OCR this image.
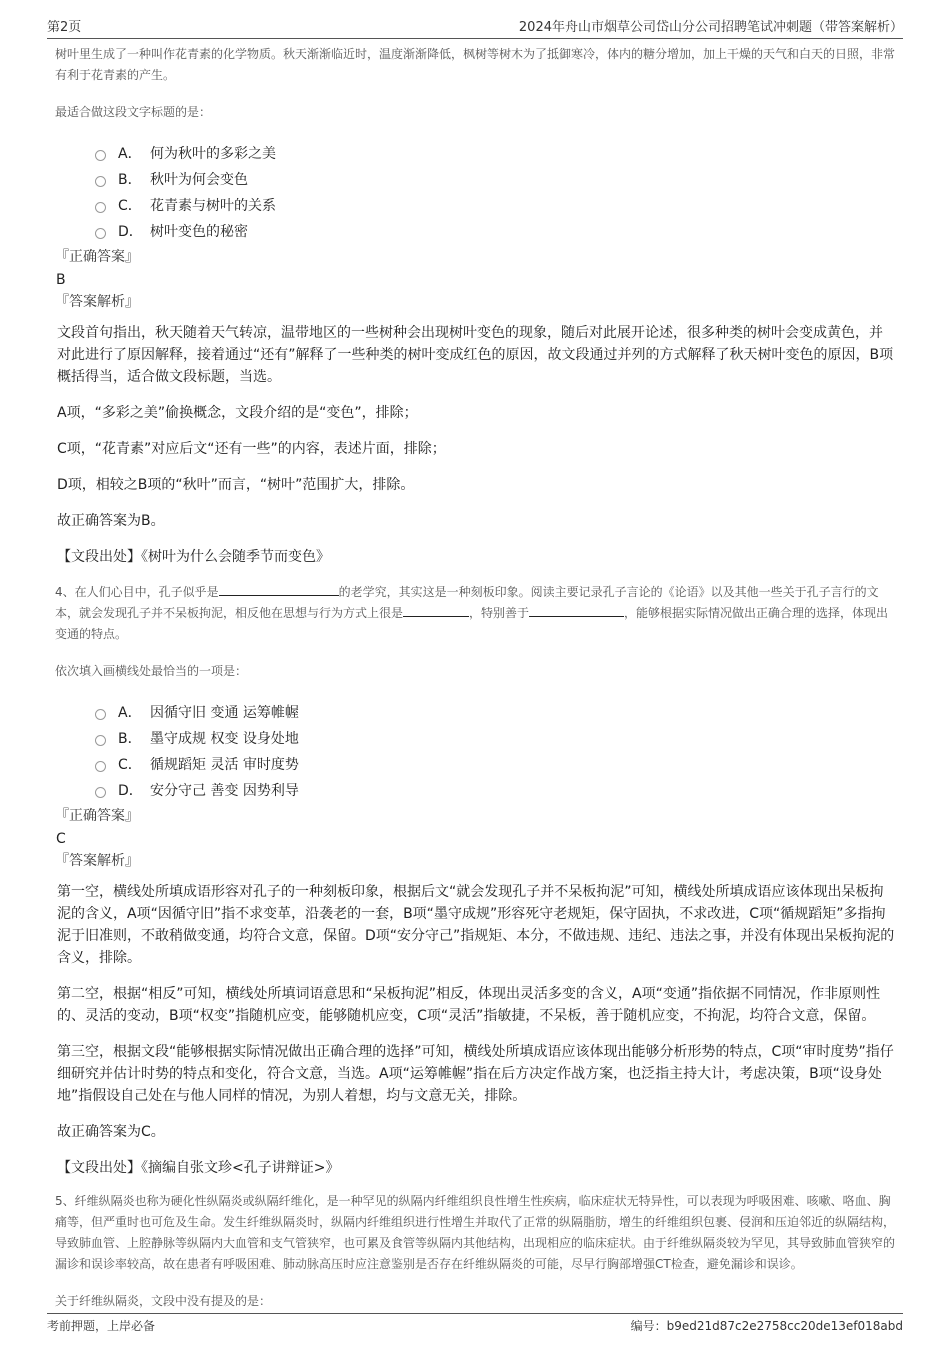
第2页	2024年舟山市烟草公司岱山分公司招聘笔试冲刺题（带答案解析）

树叶里生成了一种叫作花青素的化学物质。秋天渐渐临近时，温度渐渐降低，枫树等树木为了抵御寒冷，体内的糖分增加，加上干燥的天气和白天的日照，非常有利于花青素的产生。

最适合做这段文字标题的是：

A． 何为秋叶的多彩之美
B． 秋叶为何会变色
C． 花青素与树叶的关系
D． 树叶变色的秘密

『正确答案』

B

『答案解析』

文段首句指出，秋天随着天气转凉，温带地区的一些树种会出现树叶变色的现象，随后对此展开论述，很多种类的树叶会变成黄色，并对此进行了原因解释，接着通过“还有”解释了一些种类的树叶变成红色的原因，故文段通过并列的方式解释了秋天树叶变色的原因，B项概括得当，适合做文段标题，当选。

A项，“多彩之美”偷换概念，文段介绍的是“变色”，排除；

C项，“花青素”对应后文“还有一些”的内容，表述片面，排除；

D项，相较之B项的“秋叶”而言，“树叶”范围扩大，排除。

故正确答案为B。

【文段出处】《树叶为什么会随季节而变色》

4、在人们心目中，孔子似乎是	的老学究，其实这是一种刻板印象。阅读主要记录孔子言论的《论语》以及其他一些关于孔子言行的文本，就会发现孔子并不呆板拘泥，相反他在思想与行为方式上很是	，特别善于	，能够根据实际情况做出正确合理的选择，体现出变通的特点。

依次填入画横线处最恰当的一项是：

A． 因循守旧 变通 运筹帷幄
B． 墨守成规 权变 设身处地
C． 循规蹈矩 灵活 审时度势
D． 安分守己 善变 因势利导

『正确答案』

C

『答案解析』

第一空，横线处所填成语形容对孔子的一种刻板印象，根据后文“就会发现孔子并不呆板拘泥”可知，横线处所填成语应该体现出呆板拘泥的含义，A项“因循守旧”指不求变革，沿袭老的一套，B项“墨守成规”形容死守老规矩，保守固执，不求改进，C项“循规蹈矩”多指拘泥于旧准则，不敢稍做变通，均符合文意，保留。D项“安分守己”指规矩、本分，不做违规、违纪、违法之事，并没有体现出呆板拘泥的含义，排除。

第二空，根据“相反”可知，横线处所填词语意思和“呆板拘泥”相反，体现出灵活多变的含义，A项“变通”指依据不同情况，作非原则性的、灵活的变动，B项“权变”指随机应变，能够随机应变，C项“灵活”指敏捷，不呆板，善于随机应变，不拘泥，均符合文意，保留。

第三空，根据文段“能够根据实际情况做出正确合理的选择”可知，横线处所填成语应该体现出能够分析形势的特点，C项“审时度势”指仔细研究并估计时势的特点和变化，符合文意，当选。A项“运筹帷幄”指在后方决定作战方案，也泛指主持大计，考虑决策，B项“设身处地”指假设自己处在与他人同样的情况，为别人着想，均与文意无关，排除。

故正确答案为C。

【文段出处】《摘编自张文珍<孔子讲辩证>》

5、纤维纵隔炎也称为硬化性纵隔炎或纵隔纤维化，是一种罕见的纵隔内纤维组织良性增生性疾病，临床症状无特异性，可以表现为呼吸困难、咳嗽、咯血、胸痛等，但严重时也可危及生命。发生纤维纵隔炎时，纵隔内纤维组织进行性增生并取代了正常的纵隔脂肪，增生的纤维组织包裹、侵润和压迫邻近的纵隔结构，导致肺血管、上腔静脉等纵隔内大血管和支气管狭窄，也可累及食管等纵隔内其他结构，出现相应的临床症状。由于纤维纵隔炎较为罕见，其导致肺血管狭窄的漏诊和误诊率较高，故在患者有呼吸困难、肺动脉高压时应注意鉴别是否存在纤维纵隔炎的可能，尽早行胸部增强CT检查，避免漏诊和误诊。

关于纤维纵隔炎，文段中没有提及的是：

考前押题，上岸必备	编号：b9ed21d87c2e2758cc20de13ef018abd
